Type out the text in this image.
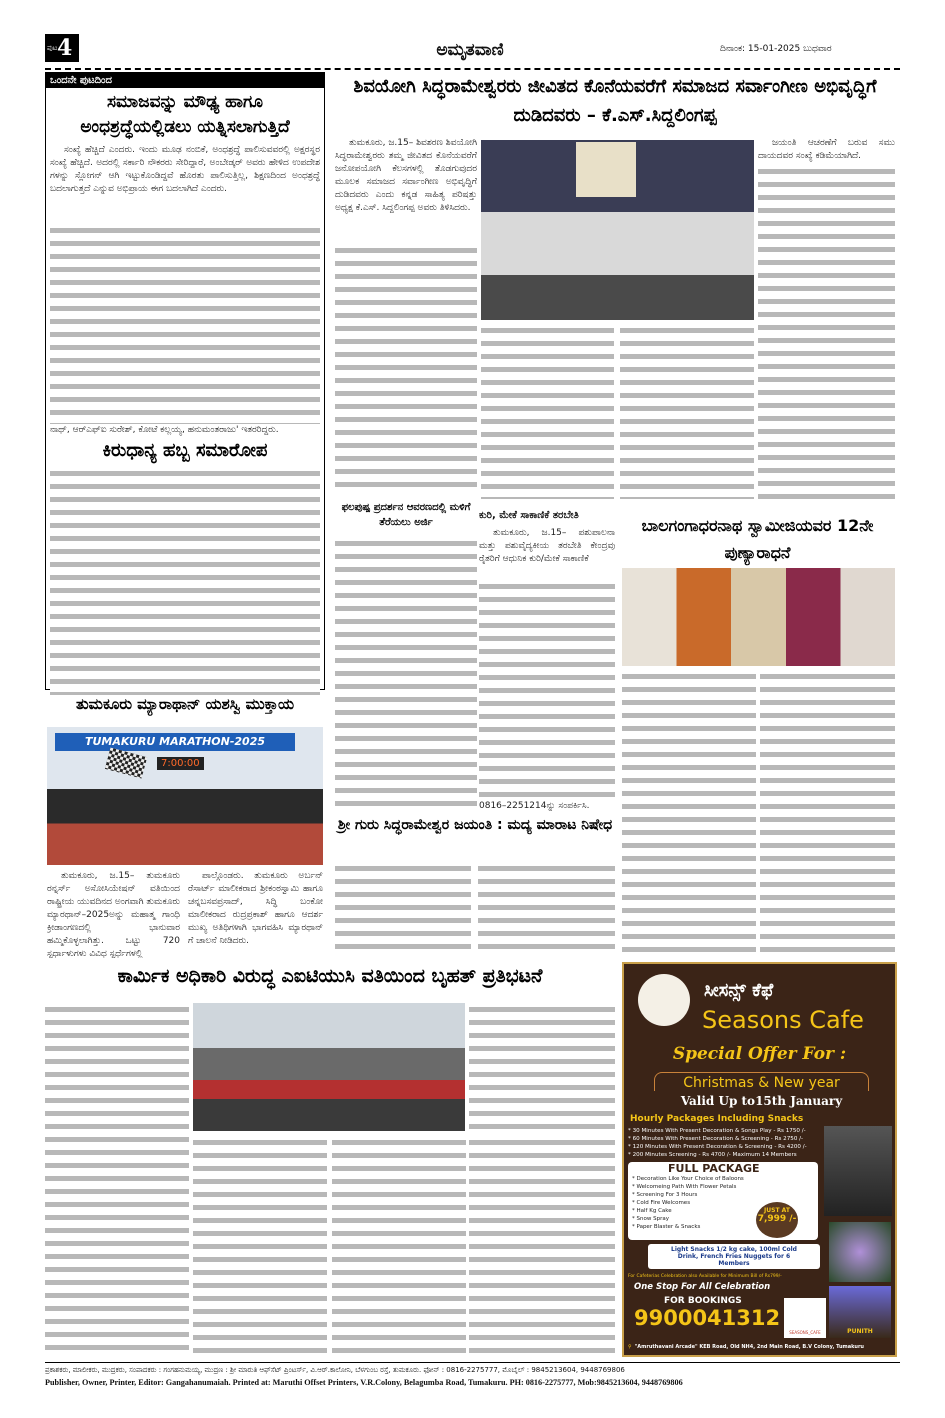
ಪುಟ 4	ಅಮೃತವಾಣಿ	ದಿನಾಂಕ: 15-01-2025 ಬುಧವಾರ
ಒಂದನೇ ಪುಟದಿಂದ
ಸಮಾಜವನ್ನು ಮೌಢ್ಯ ಹಾಗೂ ಅಂಧಶ್ರದ್ಧೆಯಲ್ಲಿಡಲು ಯತ್ನಿಸಲಾಗುತ್ತಿದೆ
ಸಂಖ್ಯೆ ಹೆಚ್ಚಿದೆ ಎಂದರು. ಇಂದು ಮೂಢ ನಂಬಿಕೆ, ಅಂಧಶ್ರದ್ಧೆ ಪಾಲಿಸುವವರಲ್ಲಿ ಅಕ್ಷರಸ್ಥರ ಸಂಖ್ಯೆ ಹೆಚ್ಚಿದೆ. ಅದರಲ್ಲಿ ಸರ್ಕಾರಿ ನೌಕರರು ಸೇರಿದ್ದಾರೆ, ಅಂಬೇಡ್ಕರ್ ಅವರು ಹೇಳಿದ ಉಪದೇಶ ಗಳನ್ನು ಸ್ಲೋಗನ್ ಆಗಿ ಇಟ್ಟುಕೊಂಡಿದ್ದವೆ ಹೊರತು ಪಾಲಿಸುತ್ತಿಲ್ಲ, ಶಿಕ್ಷಣದಿಂದ ಅಂಧಶ್ರದ್ಧೆ ಬದಲಾಗುತ್ತದೆ ಎನ್ನುವ ಅಭಿಪ್ರಾಯ ಈಗ ಬದಲಾಗಿದೆ ಎಂದರು.
ನಾಥ್, ಆರ್‌ಎಫ್‌ಐ ಸುರೇಶ್, ಕೋಟೆ ಕಲ್ಲಯ್ಯ, ಹನುಮಂತರಾಜು' ಇತರರಿದ್ದರು.
ಕಿರುಧಾನ್ಯ ಹಬ್ಬ ಸಮಾರೋಪ
ತುಮಕೂರು ಮ್ಯಾರಾಥಾನ್ ಯಶಸ್ವಿ ಮುಕ್ತಾಯ
TUMAKURU MARATHON-2025
7:00:00
ತುಮಕೂರು, ಜ.15– ತುಮಕೂರು ರನ್ನರ್ಸ್ ಅಸೋಸಿಯೇಷನ್ ವತಿಯಿಂದ ರಾಷ್ಟ್ರೀಯ ಯುವದಿನದ ಅಂಗವಾಗಿ ತುಮಕೂರು ಮ್ಯಾರಥಾನ್–2025ಅನ್ನು ಮಹಾತ್ಮ ಗಾಂಧಿ ಕ್ರೀಡಾಂಗಣದಲ್ಲಿ ಭಾನುವಾರ ಹಮ್ಮಿಕೊಳ್ಳಲಾಗಿತ್ತು. ಒಟ್ಟು 720 ಸ್ಪರ್ಧಾಳುಗಳು ವಿವಿಧ ಸ್ಪರ್ಧೆಗಳಲ್ಲಿ
ಪಾಲ್ಗೊಂಡರು. ತುಮಕೂರು ಅರ್ಬನ್ ರೆಸಾರ್ಟ್ ಮಾಲೀಕರಾದ ಶ್ರೀಕಂಠಸ್ವಾಮಿ ಹಾಗೂ ಚನ್ನಬಸವಪ್ರಸಾದ್, ಸಿದ್ಧಿ ಬಂಕೋ ಮಾಲೀಕರಾದ ರುದ್ರಪ್ರಕಾಶ್ ಹಾಗೂ ಆದರ್ಶ ಮುಖ್ಯ ಅತಿಥಿಗಳಾಗಿ ಭಾಗವಹಿಸಿ ಮ್ಯಾರಥಾನ್ ಗೆ ಚಾಲನೆ ನೀಡಿದರು.
ಶಿವಯೋಗಿ ಸಿದ್ಧರಾಮೇಶ್ವರರು ಜೀವಿತದ ಕೊನೆಯವರೆಗೆ ಸಮಾಜದ ಸರ್ವಾಂಗೀಣ ಅಭಿವೃದ್ಧಿಗೆ ದುಡಿದವರು – ಕೆ.ಎಸ್.ಸಿದ್ದಲಿಂಗಪ್ಪ
ತುಮಕೂರು, ಜ.15– ಶಿವಶರಣ ಶಿವಯೋಗಿ ಸಿದ್ಧರಾಮೇಶ್ವರರು ತಮ್ಮ ಜೀವಿತದ ಕೊನೆಯವರೆಗೆ ಜನೋಪಯೋಗಿ ಕೆಲಸಗಳಲ್ಲಿ ತೊಡಗುವುದರ ಮೂಲಕ ಸಮಾಜದ ಸರ್ವಾಂಗೀಣ ಅಭಿವೃದ್ಧಿಗೆ ದುಡಿದವರು ಎಂದು ಕನ್ನಡ ಸಾಹಿತ್ಯ ಪರಿಷತ್ತು ಅಧ್ಯಕ್ಷ ಕೆ.ಎಸ್. ಸಿದ್ದಲಿಂಗಪ್ಪ ಅವರು ತಿಳಿಸಿದರು.
ಜಯಂತಿ ಆಚರಣೆಗೆ ಬರುವ ಸಮು ದಾಯದವರ ಸಂಖ್ಯೆ ಕಡಿಮೆಯಾಗಿದೆ.
ಫಲಪುಷ್ಪ ಪ್ರದರ್ಶನ ಆವರಣದಲ್ಲಿ ಮಳಿಗೆ ತೆರೆಯಲು ಅರ್ಜಿ
ಕುರಿ, ಮೇಕೆ ಸಾಕಾಣಿಕೆ ತರಬೇತಿ
ತುಮಕೂರು, ಜ.15– ಪಶುಪಾಲನಾ ಮತ್ತು ಪಶುವೈದ್ಯಕೀಯ ತರಬೇತಿ ಕೇಂದ್ರವು ರೈತರಿಗೆ ಆಧುನಿಕ ಕುರಿ/ಮೇಕೆ ಸಾಕಾಣಿಕೆ
ಬಾಲಗಂಗಾಧರನಾಥ ಸ್ವಾಮೀಜಿಯವರ 12ನೇ ಪುಣ್ಯಾರಾಧನೆ
0816–2251214ನ್ನು ಸಂಪರ್ಕಿಸಿ.
ಶ್ರೀ ಗುರು ಸಿದ್ಧರಾಮೇಶ್ವರ ಜಯಂತಿ : ಮದ್ಯ ಮಾರಾಟ ನಿಷೇಧ
ಕಾರ್ಮಿಕ ಅಧಿಕಾರಿ ವಿರುದ್ಧ ಎಐಟಿಯುಸಿ ವತಿಯಿಂದ ಬೃಹತ್ ಪ್ರತಿಭಟನೆ
ಸೀಸನ್ಸ್ ಕೆಫೆ
Seasons Cafe
Special Offer For :
Christmas & New year
Valid Up to15th January
Hourly Packages Including Snacks
* 30 Minutes With Present Decoration & Songs Play - Rs 1750 /-
* 60 Minutes With Present Decoration & Screening - Rs 2750 /-
* 120 Minutes With Present Decoration & Screening - Rs 4200 /-
* 200 Minutes Screening - Rs 4700 /- Maximum 14 Members
FULL PACKAGE
* Decoration Like Your Choice of Baloons
* Welcomeing Path With Flower Petals
* Screening For 3 Hours
* Cold Fire Welcomes
* Half Kg Cake
* Snow Spray
* Paper Blaster & Snacks
JUST AT
7,999 /-
Light Snacks 1/2 kg cake, 100ml Cold Drink, French Fries Nuggets for 6 Members
For Cafeterias Celebration also Available for Minimum Bill of Rs799/-
One Stop For All Celebration
FOR BOOKINGS
9900041312
SEASONS_CAFE	PUNITH
⚲ "Amruthavani Arcade" KEB Road, Old NH4, 2nd Main Road, B.V Colony, Tumakuru
ಪ್ರಕಾಶಕರು, ಮಾಲೀಕರು, ಮುದ್ರಕರು, ಸಂಪಾದಕರು : ಗಂಗಹನುಮಯ್ಯ, ಮುದ್ರಣ : ಶ್ರೀ ಮಾರುತಿ ಆಫ್‌ಸೆಟ್ ಪ್ರಿಂಟರ್ಸ್, ವಿ.ಆರ್.ಕಾಲೋನಿ, ಬೆಳಗುಂಬ ರಸ್ತೆ, ತುಮಕೂರು. ಫೋನ್ : 0816-2275777, ಮೊಬೈಲ್ : 9845213604, 9448769806
Publisher, Owner, Printer, Editor: Gangahanumaiah. Printed at: Maruthi Offset Printers, V.R.Colony, Belagumba Road, Tumakuru. PH: 0816-2275777, Mob:9845213604, 9448769806
